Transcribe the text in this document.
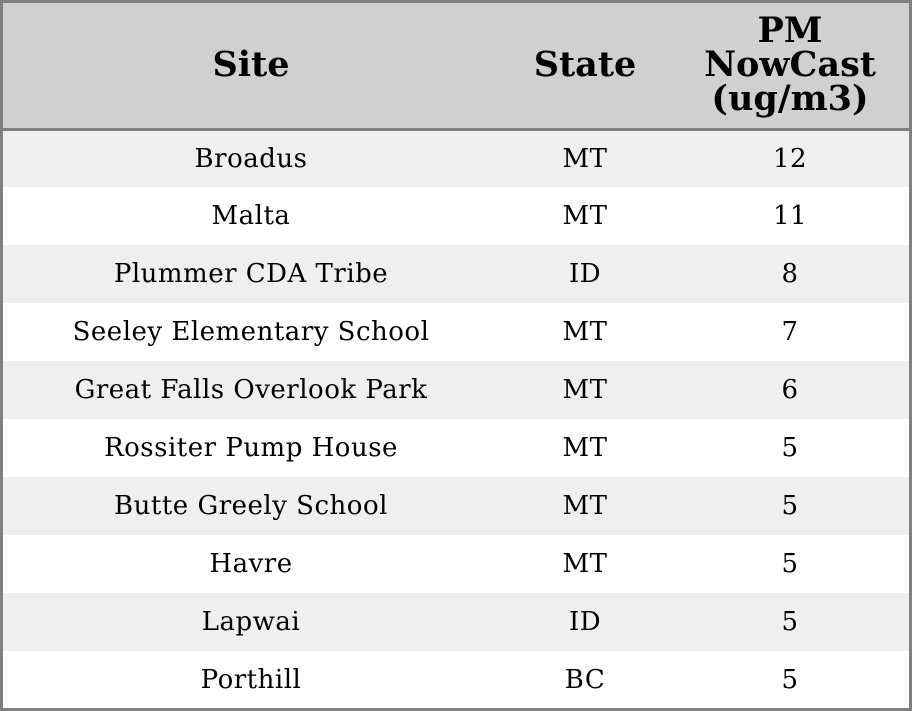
Site	State	PM
NowCast
(ug/m3)

Broadus	MT	12
Malta	MT	11
Plummer CDA Tribe	ID	8
Seeley Elementary School	MT	7
Great Falls Overlook Park	MT	6
Rossiter Pump House	MT	5
Butte Greely School	MT	5
Havre	MT	5
Lapwai	ID	5
Porthill	BC	5
